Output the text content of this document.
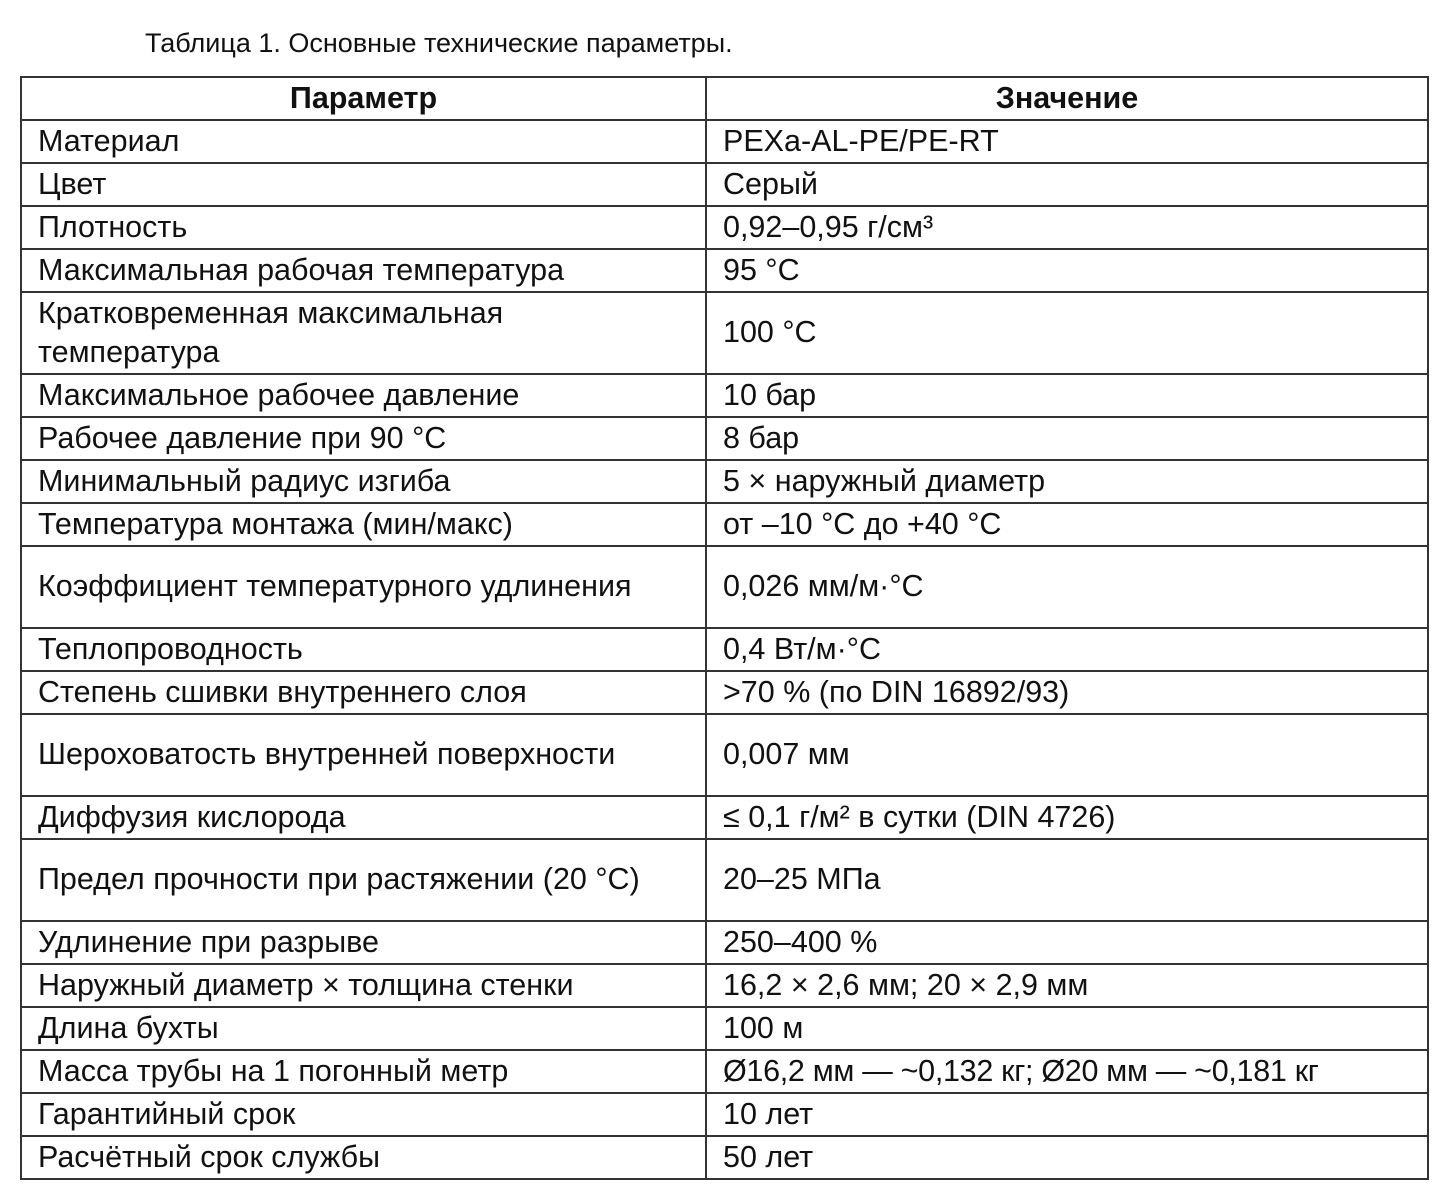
Таблица 1. Основные технические параметры.
Параметр	Значение
Материал	PEXa-AL-PE/PE-RT
Цвет	Серый
Плотность	0,92–0,95 г/см³
Максимальная рабочая температура	95 °C
Кратковременная максимальная температура	100 °C
Максимальное рабочее давление	10 бар
Рабочее давление при 90 °C	8 бар
Минимальный радиус изгиба	5 × наружный диаметр
Температура монтажа (мин/макс)	от –10 °C до +40 °C
Коэффициент температурного удлинения	0,026 мм/м·°C
Теплопроводность	0,4 Вт/м·°C
Степень сшивки внутреннего слоя	>70 % (по DIN 16892/93)
Шероховатость внутренней поверхности	0,007 мм
Диффузия кислорода	≤ 0,1 г/м² в сутки (DIN 4726)
Предел прочности при растяжении (20 °C)	20–25 МПа
Удлинение при разрыве	250–400 %
Наружный диаметр × толщина стенки	16,2 × 2,6 мм; 20 × 2,9 мм
Длина бухты	100 м
Масса трубы на 1 погонный метр	Ø16,2 мм — ~0,132 кг; Ø20 мм — ~0,181 кг
Гарантийный срок	10 лет
Расчётный срок службы	50 лет
